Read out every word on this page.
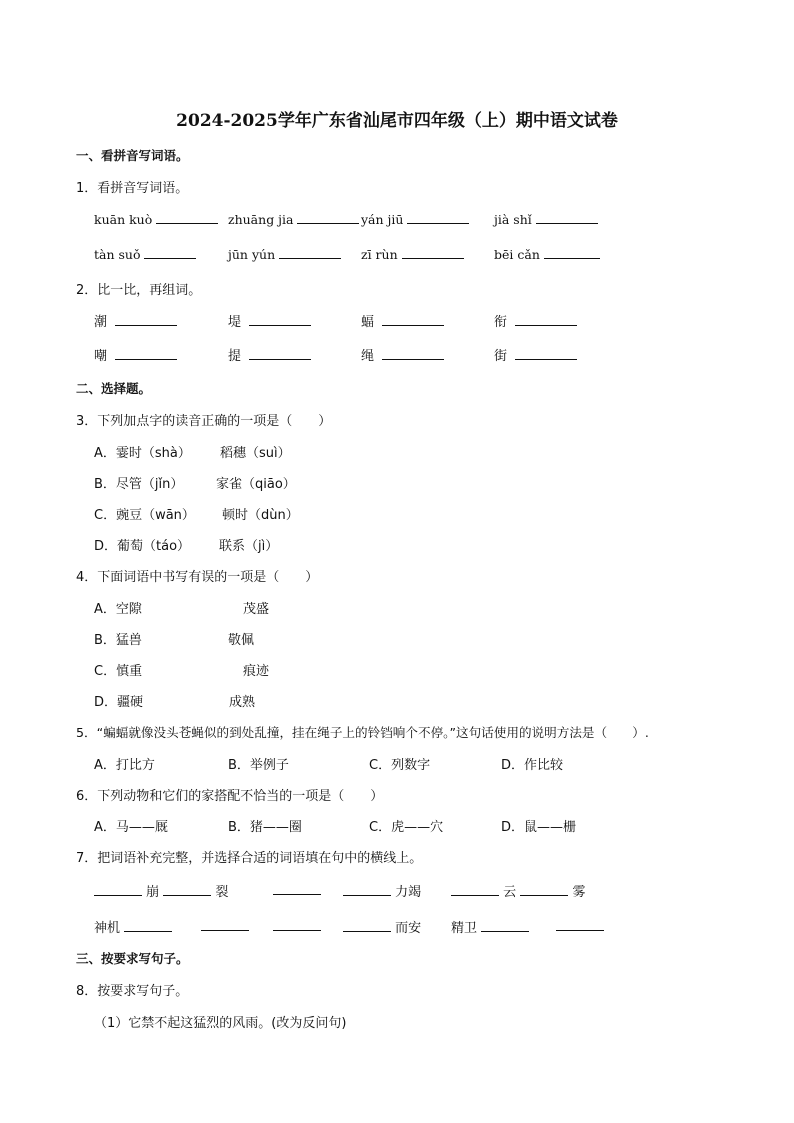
2024-2025学年广东省汕尾市四年级（上）期中语文试卷
一、看拼音写词语。
1．看拼音写词语。
kuān kuò	zhuāng jia	yán jiū	jià shǐ
tàn suǒ	jūn yún	zī rùn	bēi cǎn
2．比一比，再组词。
潮	堤	蝠	衔
嘲	提	绳	街
二、选择题。
3．下列加点字的读音正确的一项是（　　）
A．霎时（shà） 稻穗（suì）
B．尽管（jǐn）	家雀（qiāo）
C．豌豆（wān） 顿时（dùn）
D．葡萄（táo） 联系（jì）
4．下面词语中书写有误的一项是（　　）
A．空隙	茂盛
B．猛兽	敬佩
C．慎重	痕迹
D．疆硬	成熟
5．“蝙蝠就像没头苍蝇似的到处乱撞，挂在绳子上的铃铛响个不停。”这句话使用的说明方法是（　　）.
A．打比方	B．举例子	C．列数字	D．作比较
6．下列动物和它们的家搭配不恰当的一项是（　　）
A．马——厩	B．猪——圈	C．虎——穴	D．鼠——栅
7．把词语补充完整，并选择合适的词语填在句中的横线上。
崩	裂	力竭	云	雾
神机	而安 精卫
三、按要求写句子。
8．按要求写句子。
（1）它禁不起这猛烈的风雨。(改为反问句)
